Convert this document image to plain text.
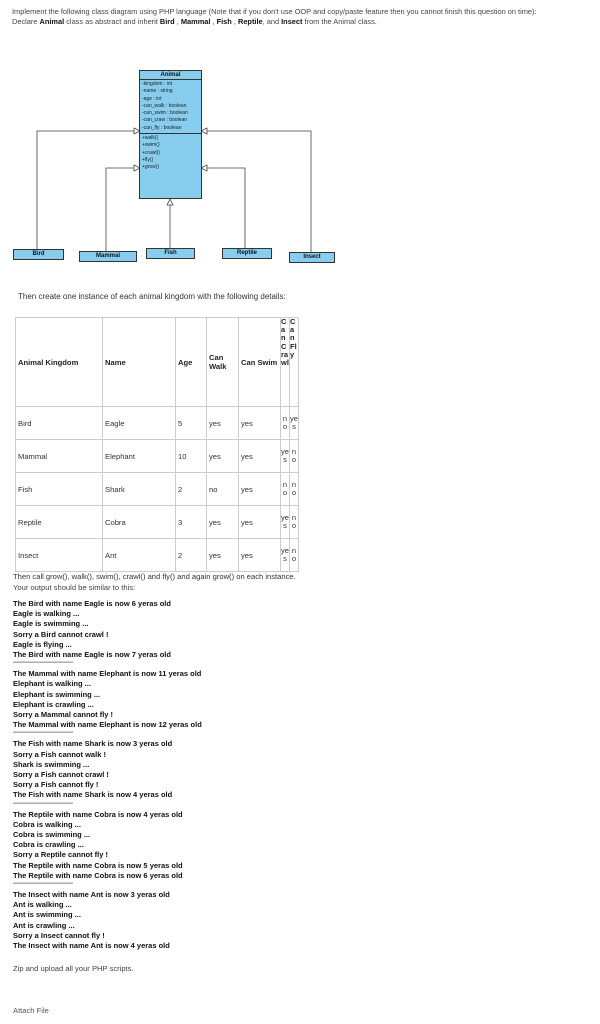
Implement the following class diagram using PHP language (Note that if you don't use OOP and copy/paste feature then you cannot finish this question on time):
Declare Animal class as abstract and inherit Bird , Mammal , Fish , Reptile, and Insect from the Animal class.
Animal
-kingdom : int
-name : string
-age : int
-can_walk : boolean
-can_swim : boolean
-can_craw : boolean
-can_fly : boolean
+walk()
+swim()
+crawl()
+fly()
+grow()
Bird	Mammal	Fish	Reptile
Insect
Then create one instance of each animal kingdom with the following details:
Animal Kingdom	Name	Age	Can Walk	Can Swim	Can Crawl	Can Fly
Bird	Eagle	5	yes	yes	no	yes
Mammal	Elephant	10	yes	yes	yes	no
Fish	Shark	2	no	yes	no	no
Reptile	Cobra	3	yes	yes	yes	no
Insect	Ant	2	yes	yes	yes	no
Then call grow(), walk(), swim(), crawl() and fly() and again grow() on each instance.
Your output should be similar to this:
The Bird with name Eagle is now 6 yeras old
Eagle is walking ...
Eagle is swimming ...
Sorry a Bird cannot crawl !
Eagle is flying ...
The Bird with name Eagle is now 7 yeras old
------------------------------
The Mammal with name Elephant is now 11 yeras old
Elephant is walking ...
Elephant is swimming ...
Elephant is crawling ...
Sorry a Mammal cannot fly !
The Mammal with name Elephant is now 12 yeras old
------------------------------
The Fish with name Shark is now 3 yeras old
Sorry a Fish cannot walk !
Shark is swimming ...
Sorry a Fish cannot crawl !
Sorry a Fish cannot fly !
The Fish with name Shark is now 4 yeras old
------------------------------
The Reptile with name Cobra is now 4 yeras old
Cobra is walking ...
Cobra is swimming ...
Cobra is crawling ...
Sorry a Reptile cannot fly !
The Reptile with name Cobra is now 5 yeras old
The Reptile with name Cobra is now 6 yeras old
------------------------------
The Insect with name Ant is now 3 yeras old
Ant is walking ...
Ant is swimming ...
Ant is crawling ...
Sorry a Insect cannot fly !
The Insect with name Ant is now 4 yeras old
Zip and upload all your PHP scripts.
Attach File
